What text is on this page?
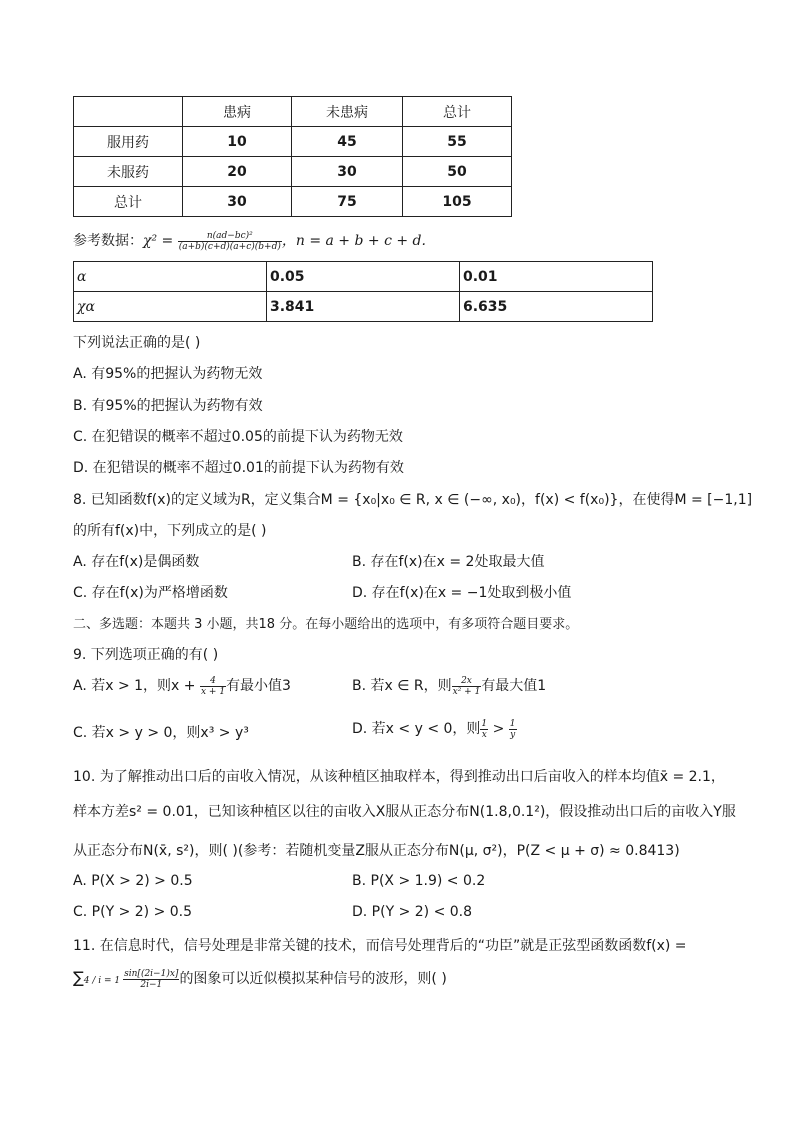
	患病	未患病	总计
服用药	10	45	55
未服药	20	30	50
总计	30	75	105
参考数据：$\chi^2 = \frac{\text{n(ad−bc)²}}{(a+b)(c+d)(a+c)(b+d)}$ ，n = a + b + c + d.
α	0.05	0.01
χα	3.841	6.635
下列说法正确的是( )
A. 有95%的把握认为药物无效
B. 有95%的把握认为药物有效
C. 在犯错误的概率不超过0.05的前提下认为药物无效
D. 在犯错误的概率不超过0.01的前提下认为药物有效
8. 已知函数f(x)的定义域为R，定义集合M = {x₀|x₀ ∈ R, x ∈ (−∞, x₀)，f(x) < f(x₀)}，在使得M = [−1,1]
的所有f(x)中，下列成立的是( )
A. 存在f(x)是偶函数	B. 存在f(x)在x = 2处取最大值
C. 存在f(x)为严格增函数	D. 存在f(x)在x = −1处取到极小值
二、多选题：本题共 3 小题，共18 分。在每小题给出的选项中，有多项符合题目要求。
9. 下列选项正确的有( )
A. 若x > 1，则$x + \frac{4}{x + 1}$ 有最小值3	B. 若x ∈ R，则 $\frac{2x}{\text{x² + 1}}$ 有最大值1
C. 若x > y > 0，则x³ > y³	D. 若x < y < 0，则 $\frac{1}{x} > \frac{1}{y}$
10. 为了解推动出口后的亩收入情况，从该种植区抽取样本，得到推动出口后亩收入的样本均值x̄ = 2.1，
样本方差s² = 0.01，已知该种植区以往的亩收入X服从正态分布N(1.8,0.1²)，假设推动出口后的亩收入Y服
从正态分布N(x̄, s²)，则( )(参考：若随机变量Z服从正态分布N(μ, σ²)，P(Z < μ + σ) ≈ 0.8413)
A. P(X > 2) > 0.5	B. P(X > 1.9) < 0.2
C. P(Y > 2) > 0.5	D. P(Y > 2) < 0.8
11. 在信息时代，信号处理是非常关键的技术，而信号处理背后的“功臣”就是正弦型函数函数f(x) =
$\sum 4 / i = 1 \frac{\sin[(2i-1)x]}{2i-1}$ 的图象可以近似模拟某种信号的波形，则( )
